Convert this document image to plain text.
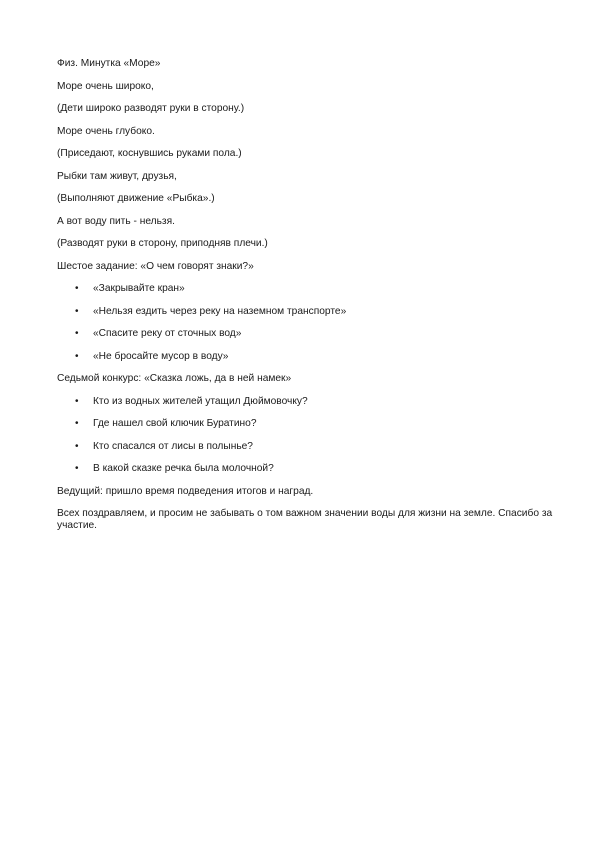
Физ. Минутка «Море»

Море очень широко,

(Дети широко разводят руки в сторону.)

Море очень глубоко.

(Приседают, коснувшись руками пола.)

Рыбки там живут, друзья,

(Выполняют движение «Рыбка».)

А вот воду пить - нельзя.

(Разводят руки в сторону, приподняв плечи.)

Шестое задание: «О чем говорят знаки?»

• «Закрывайте кран»
• «Нельзя ездить через реку на наземном транспорте»
• «Спасите реку от сточных вод»
• «Не бросайте мусор в воду»

Седьмой конкурс: «Сказка ложь, да в ней намек»

• Кто из водных жителей утащил Дюймовочку?
• Где нашел свой ключик Буратино?
• Кто спасался от лисы в полынье?
• В какой сказке речка была молочной?

Ведущий: пришло время подведения итогов и наград.

Всех поздравляем, и просим не забывать о том важном значении воды для жизни на земле. Спасибо за участие.
